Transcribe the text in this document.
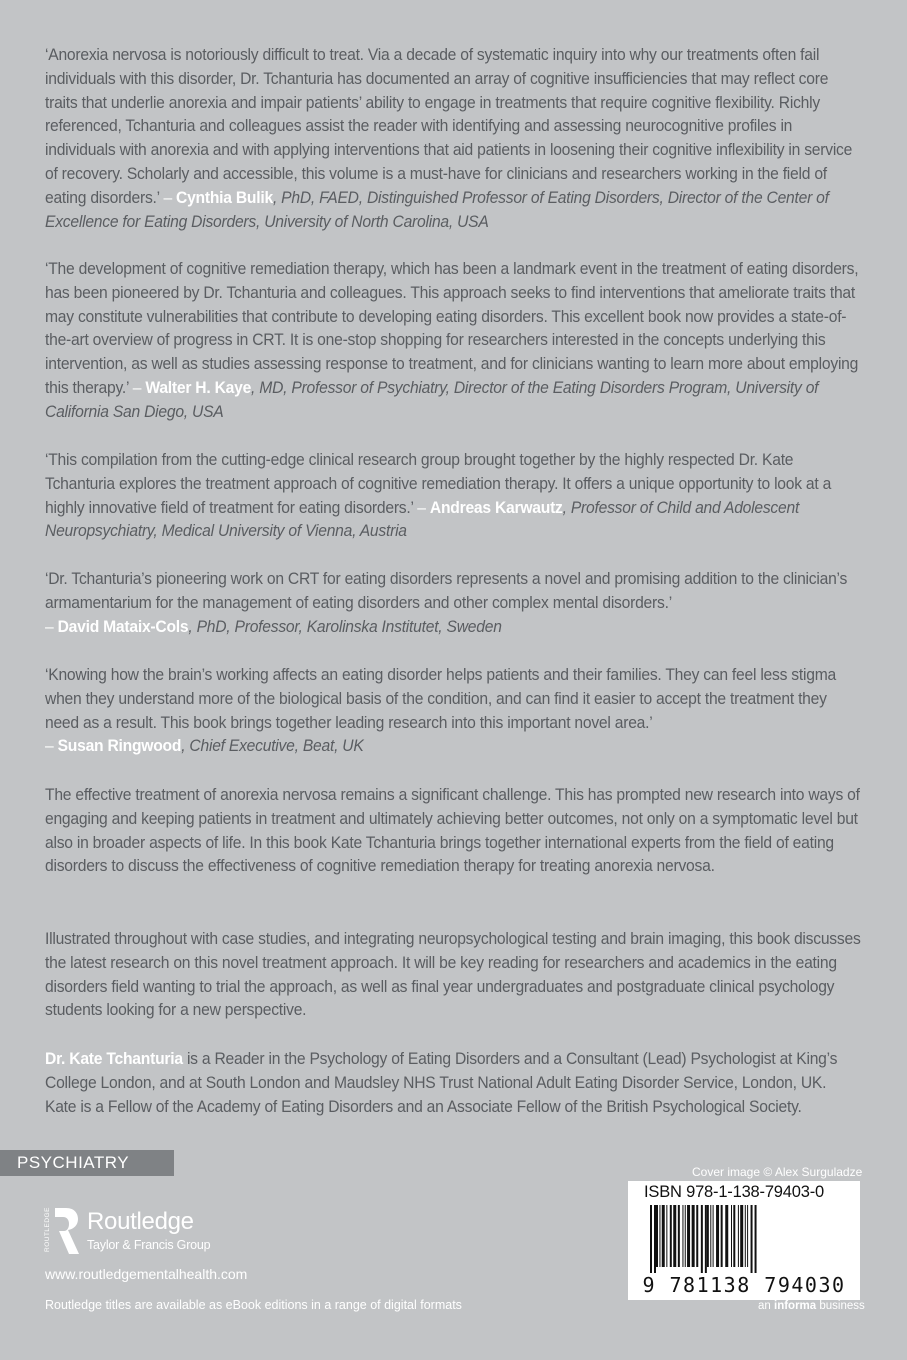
‘Anorexia nervosa is notoriously difficult to treat. Via a decade of systematic inquiry into why our treatments often fail individuals with this disorder, Dr. Tchanturia has documented an array of cognitive insufficiencies that may reflect core traits that underlie anorexia and impair patients’ ability to engage in treatments that require cognitive flexibility. Richly referenced, Tchanturia and colleagues assist the reader with identifying and assessing neurocognitive profiles in individuals with anorexia and with applying interventions that aid patients in loosening their cognitive inflexibility in service of recovery. Scholarly and accessible, this volume is a must-have for clinicians and researchers working in the field of eating disorders.’ – Cynthia Bulik, PhD, FAED, Distinguished Professor of Eating Disorders, Director of the Center of Excellence for Eating Disorders, University of North Carolina, USA

‘The development of cognitive remediation therapy, which has been a landmark event in the treatment of eating disorders, has been pioneered by Dr. Tchanturia and colleagues. This approach seeks to find interventions that ameliorate traits that may constitute vulnerabilities that contribute to developing eating disorders. This excellent book now provides a state-of-the-art overview of progress in CRT. It is one-stop shopping for researchers interested in the concepts underlying this intervention, as well as studies assessing response to treatment, and for clinicians wanting to learn more about employing this therapy.’ – Walter H. Kaye, MD, Professor of Psychiatry, Director of the Eating Disorders Program, University of California San Diego, USA

‘This compilation from the cutting-edge clinical research group brought together by the highly respected Dr. Kate Tchanturia explores the treatment approach of cognitive remediation therapy. It offers a unique opportunity to look at a highly innovative field of treatment for eating disorders.’ – Andreas Karwautz, Professor of Child and Adolescent Neuropsychiatry, Medical University of Vienna, Austria

‘Dr. Tchanturia’s pioneering work on CRT for eating disorders represents a novel and promising addition to the clinician’s armamentarium for the management of eating disorders and other complex mental disorders.’
– David Mataix-Cols, PhD, Professor, Karolinska Institutet, Sweden

‘Knowing how the brain’s working affects an eating disorder helps patients and their families. They can feel less stigma when they understand more of the biological basis of the condition, and can find it easier to accept the treatment they need as a result. This book brings together leading research into this important novel area.’
– Susan Ringwood, Chief Executive, Beat, UK

The effective treatment of anorexia nervosa remains a significant challenge. This has prompted new research into ways of engaging and keeping patients in treatment and ultimately achieving better outcomes, not only on a symptomatic level but also in broader aspects of life. In this book Kate Tchanturia brings together international experts from the field of eating disorders to discuss the effectiveness of cognitive remediation therapy for treating anorexia nervosa.

Illustrated throughout with case studies, and integrating neuropsychological testing and brain imaging, this book discusses the latest research on this novel treatment approach. It will be key reading for researchers and academics in the eating disorders field wanting to trial the approach, as well as final year undergraduates and postgraduate clinical psychology students looking for a new perspective.

Dr. Kate Tchanturia is a Reader in the Psychology of Eating Disorders and a Consultant (Lead) Psychologist at King’s College London, and at South London and Maudsley NHS Trust National Adult Eating Disorder Service, London, UK. Kate is a Fellow of the Academy of Eating Disorders and an Associate Fellow of the British Psychological Society.

PSYCHIATRY
ROUTLEDGE Routledge
Taylor & Francis Group
www.routledgementalhealth.com
Routledge titles are available as eBook editions in a range of digital formats
Cover image © Alex Surguladze
ISBN 978-1-138-79403-0
9 781138 794030
an informa business
